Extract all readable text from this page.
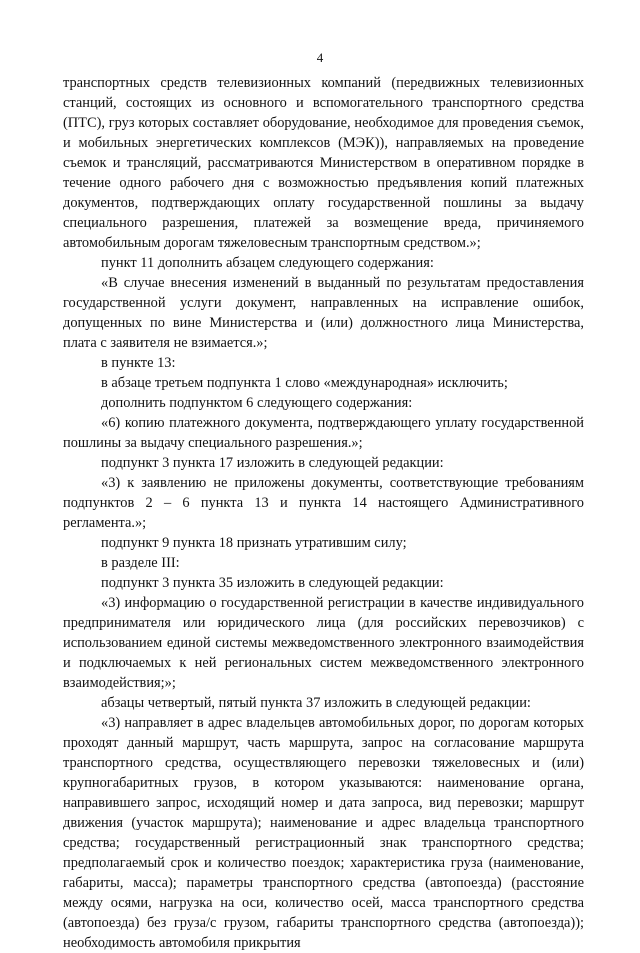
4

транспортных средств телевизионных компаний (передвижных телевизионных станций, состоящих из основного и вспомогательного транспортного средства (ПТС), груз которых составляет оборудование, необходимое для проведения съемок, и мобильных энергетических комплексов (МЭК)), направляемых на проведение съемок и трансляций, рассматриваются Министерством в оперативном порядке в течение одного рабочего дня с возможностью предъявления копий платежных документов, подтверждающих оплату государственной пошлины за выдачу специального разрешения, платежей за возмещение вреда, причиняемого автомобильным дорогам тяжеловесным транспортным средством.»;

пункт 11 дополнить абзацем следующего содержания:

«В случае внесения изменений в выданный по результатам предоставления государственной услуги документ, направленных на исправление ошибок, допущенных по вине Министерства и (или) должностного лица Министерства, плата с заявителя не взимается.»;

в пункте 13:

в абзаце третьем подпункта 1 слово «международная» исключить;

дополнить подпунктом 6 следующего содержания:

«6) копию платежного документа, подтверждающего уплату государственной пошлины за выдачу специального разрешения.»;

подпункт 3 пункта 17 изложить в следующей редакции:

«3) к заявлению не приложены документы, соответствующие требованиям подпунктов 2 – 6 пункта 13 и пункта 14 настоящего Административного регламента.»;

подпункт 9 пункта 18 признать утратившим силу;

в разделе III:

подпункт 3 пункта 35 изложить в следующей редакции:

«3) информацию о государственной регистрации в качестве индивидуального предпринимателя или юридического лица (для российских перевозчиков) с использованием единой системы межведомственного электронного взаимодействия и подключаемых к ней региональных систем межведомственного электронного взаимодействия;»;

абзацы четвертый, пятый пункта 37 изложить в следующей редакции:

«3) направляет в адрес владельцев автомобильных дорог, по дорогам которых проходят данный маршрут, часть маршрута, запрос на согласование маршрута транспортного средства, осуществляющего перевозки тяжеловесных и (или) крупногабаритных грузов, в котором указываются: наименование органа, направившего запрос, исходящий номер и дата запроса, вид перевозки; маршрут движения (участок маршрута); наименование и адрес владельца транспортного средства; государственный регистрационный знак транспортного средства; предполагаемый срок и количество поездок; характеристика груза (наименование, габариты, масса); параметры транспортного средства (автопоезда) (расстояние между осями, нагрузка на оси, количество осей, масса транспортного средства (автопоезда) без груза/с грузом, габариты транспортного средства (автопоезда)); необходимость автомобиля прикрытия
